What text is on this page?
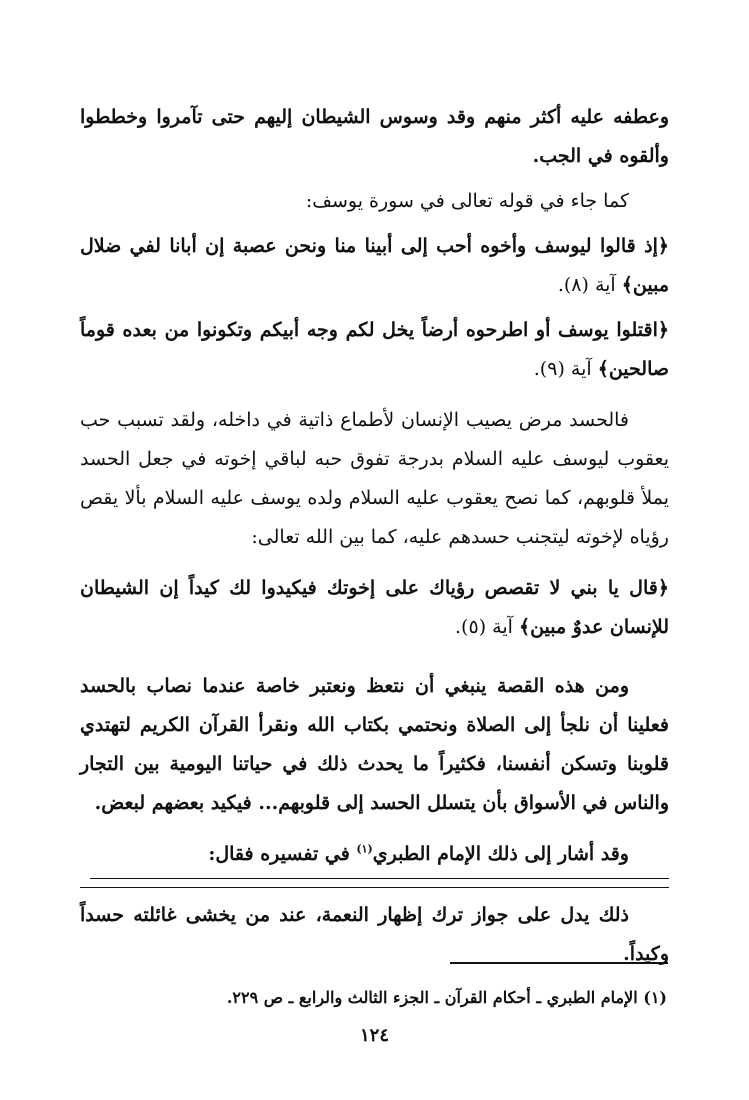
وعطفه عليه أكثر منهم وقد وسوس الشيطان إليهم حتى تآمروا وخططوا وألقوه في الجب.

كما جاء في قوله تعالى في سورة يوسف:

﴿إذ قالوا ليوسف وأخوه أحب إلى أبينا منا ونحن عصبة إن أبانا لفي ضلال مبين﴾ آية (٨).

﴿اقتلوا يوسف أو اطرحوه أرضاً يخل لكم وجه أبيكم وتكونوا من بعده قوماً صالحين﴾ آية (٩).

فالحسد مرض يصيب الإنسان لأطماع ذاتية في داخله، ولقد تسبب حب يعقوب ليوسف عليه السلام بدرجة تفوق حبه لباقي إخوته في جعل الحسد يملأ قلوبهم، كما نصح يعقوب عليه السلام ولده يوسف عليه السلام بألا يقص رؤياه لإخوته ليتجنب حسدهم عليه، كما بين الله تعالى:

﴿قال يا بني لا تقصص رؤياك على إخوتك فيكيدوا لك كيداً إن الشيطان للإنسان عدوٌ مبين﴾ آية (٥).

ومن هذه القصة ينبغي أن نتعظ ونعتبر خاصة عندما نصاب بالحسد فعلينا أن نلجأ إلى الصلاة ونحتمي بكتاب الله ونقرأ القرآن الكريم لتهتدي قلوبنا وتسكن أنفسنا، فكثيراً ما يحدث ذلك في حياتنا اليومية بين التجار والناس في الأسواق بأن يتسلل الحسد إلى قلوبهم... فيكيد بعضهم لبعض.

وقد أشار إلى ذلك الإمام الطبري$^{(١)}$ في تفسيره فقال:

ذلك يدل على جواز ترك إظهار النعمة، عند من يخشى غائلته حسداً وكيداً.

(١) الإمام الطبري ـ أحكام القرآن ـ الجزء الثالث والرابع ـ ص ٢٢٩.
١٢٤
